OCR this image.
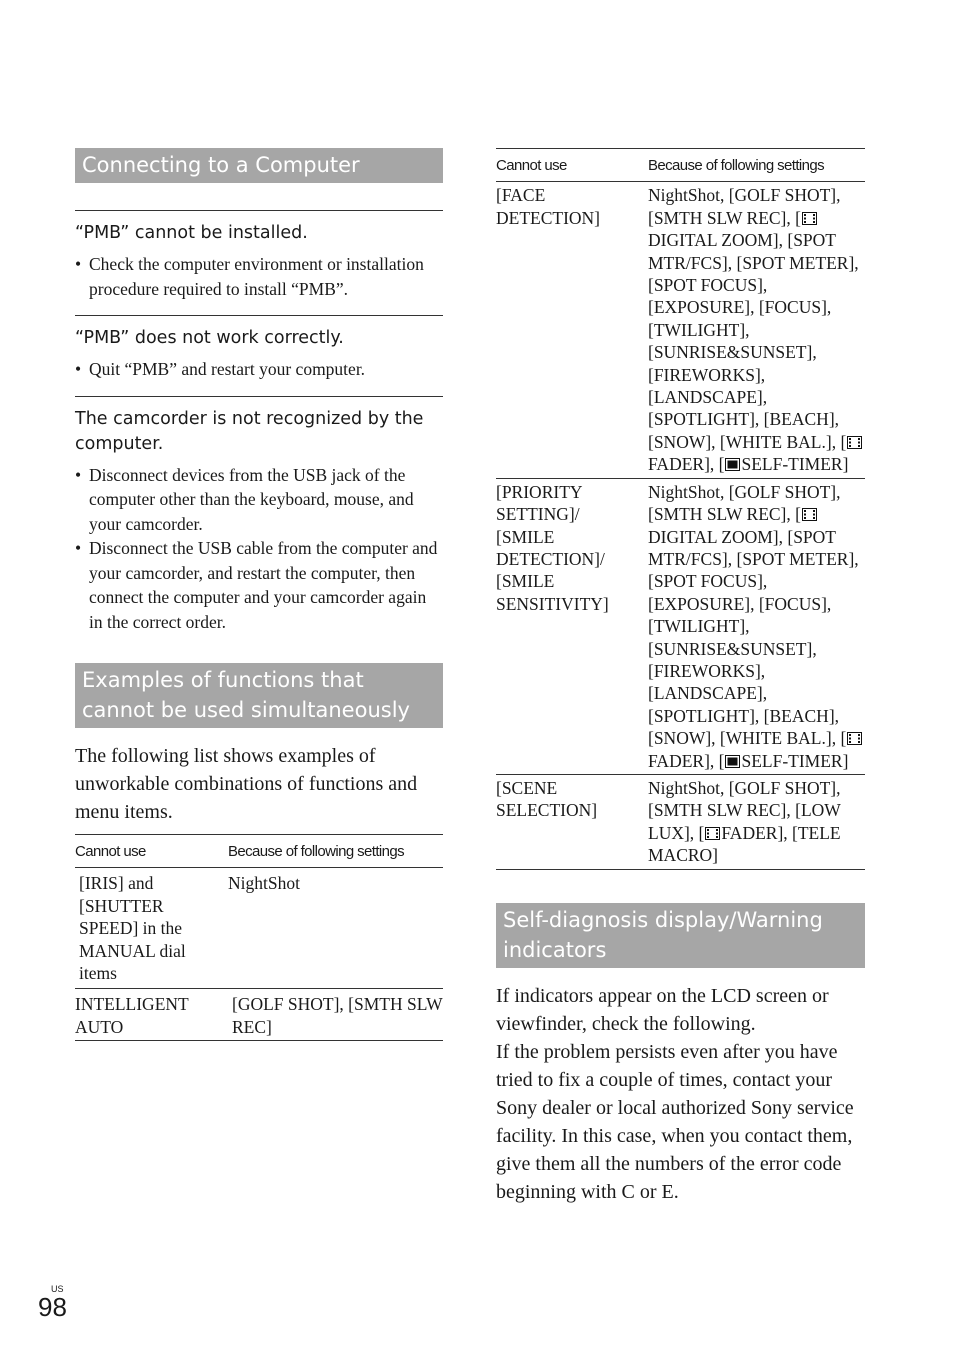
Connecting to a Computer
“PMB” cannot be installed.
• Check the computer environment or installation procedure required to install “PMB”.
“PMB” does not work correctly.
• Quit “PMB” and restart your computer.
The camcorder is not recognized by the computer.
• Disconnect devices from the USB jack of the computer other than the keyboard, mouse, and your camcorder.
• Disconnect the USB cable from the computer and your camcorder, and restart the computer, then connect the computer and your camcorder again in the correct order.
Examples of functions that cannot be used simultaneously
The following list shows examples of unworkable combinations of functions and menu items.
Cannot use	Because of following settings
[IRIS] and [SHUTTER SPEED] in the MANUAL dial items	NightShot
INTELLIGENT AUTO	[GOLF SHOT], [SMTH SLW REC]
Cannot use	Because of following settings
[FACE DETECTION]	NightShot, [GOLF SHOT], [SMTH SLW REC], [DIGITAL ZOOM], [SPOT MTR/FCS], [SPOT METER], [SPOT FOCUS], [EXPOSURE], [FOCUS], [TWILIGHT], [SUNRISE&SUNSET], [FIREWORKS], [LANDSCAPE], [SPOTLIGHT], [BEACH], [SNOW], [WHITE BAL.], [FADER], [ SELF-TIMER]
[PRIORITY SETTING]/ [SMILE DETECTION]/ [SMILE SENSITIVITY]	NightShot, [GOLF SHOT], [SMTH SLW REC], [DIGITAL ZOOM], [SPOT MTR/FCS], [SPOT METER], [SPOT FOCUS], [EXPOSURE], [FOCUS], [TWILIGHT], [SUNRISE&SUNSET], [FIREWORKS], [LANDSCAPE], [SPOTLIGHT], [BEACH], [SNOW], [WHITE BAL.], [FADER], [ SELF-TIMER]
[SCENE SELECTION]	NightShot, [GOLF SHOT], [SMTH SLW REC], [LOW LUX], [ FADER], [TELE MACRO]
Self-diagnosis display/Warning indicators
If indicators appear on the LCD screen or viewfinder, check the following.
If the problem persists even after you have tried to fix a couple of times, contact your Sony dealer or local authorized Sony service facility. In this case, when you contact them, give them all the numbers of the error code beginning with C or E.
US
98
